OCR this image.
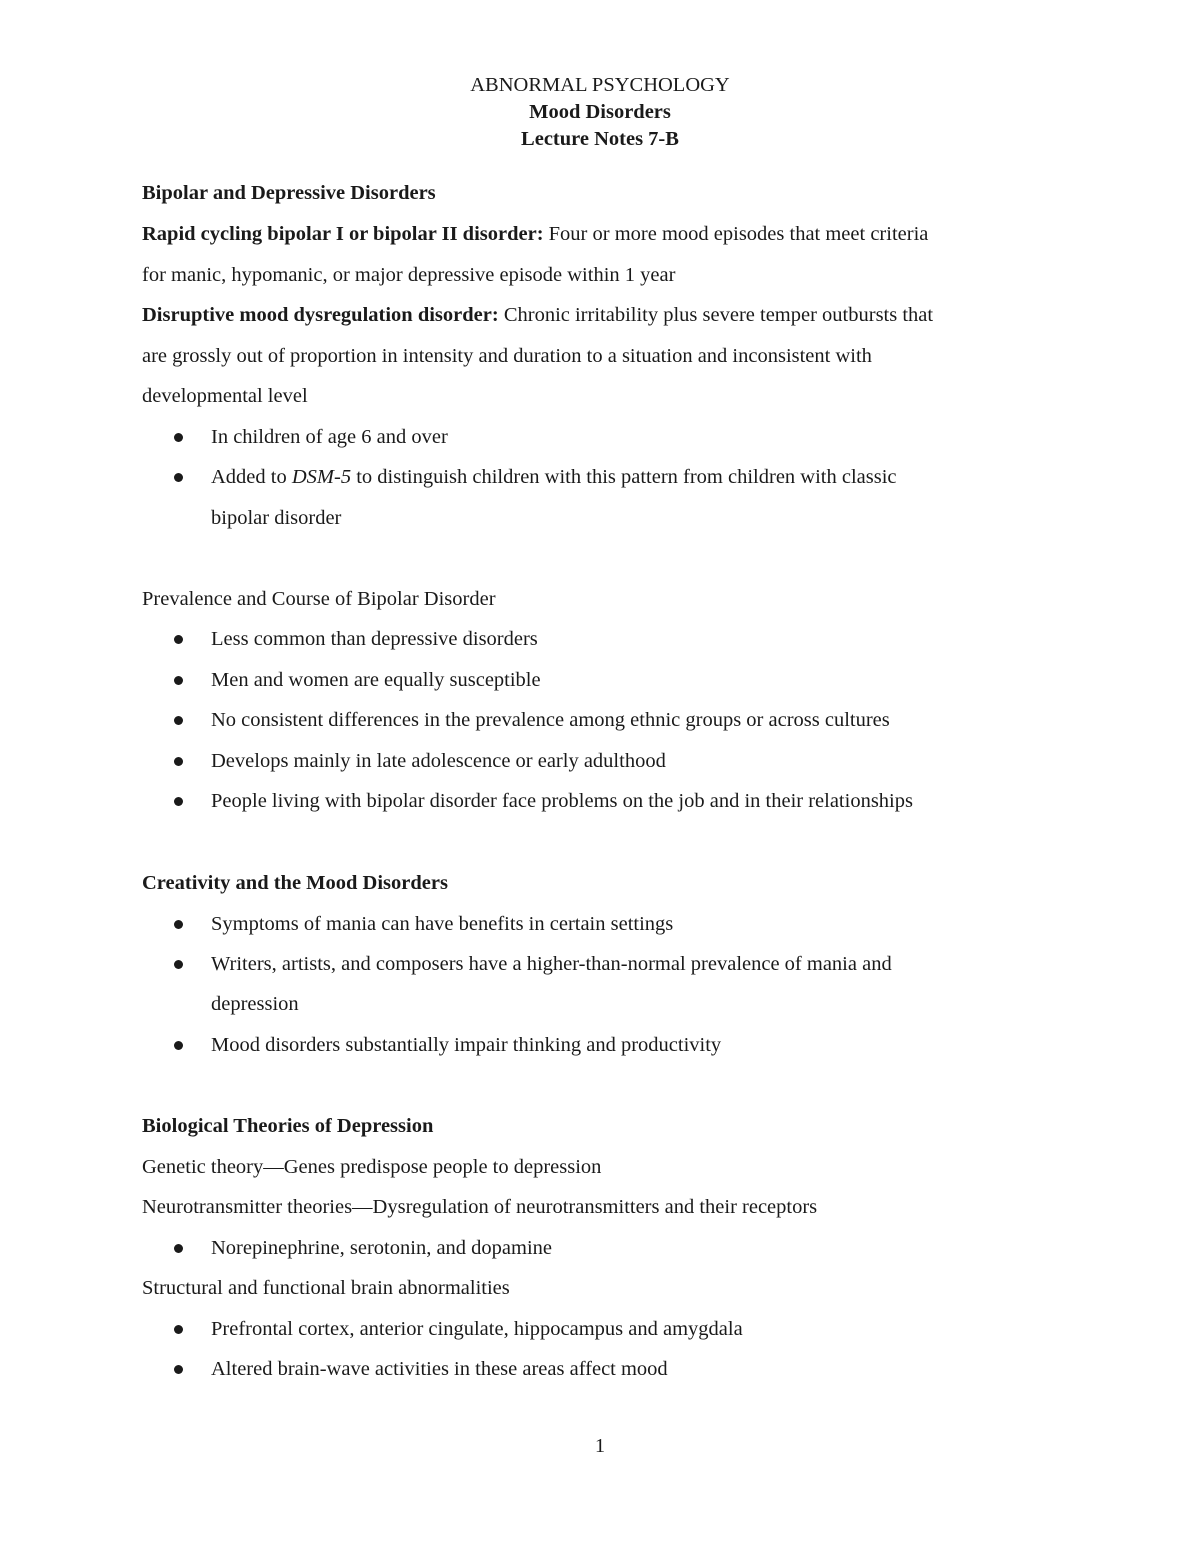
ABNORMAL PSYCHOLOGY
Mood Disorders
Lecture Notes 7-B
Bipolar and Depressive Disorders
Rapid cycling bipolar I or bipolar II disorder: Four or more mood episodes that meet criteria
for manic, hypomanic, or major depressive episode within 1 year
Disruptive mood dysregulation disorder: Chronic irritability plus severe temper outbursts that
are grossly out of proportion in intensity and duration to a situation and inconsistent with
developmental level
In children of age 6 and over
Added to DSM-5 to distinguish children with this pattern from children with classic
bipolar disorder
Prevalence and Course of Bipolar Disorder
Less common than depressive disorders
Men and women are equally susceptible
No consistent differences in the prevalence among ethnic groups or across cultures
Develops mainly in late adolescence or early adulthood
People living with bipolar disorder face problems on the job and in their relationships
Creativity and the Mood Disorders
Symptoms of mania can have benefits in certain settings
Writers, artists, and composers have a higher-than-normal prevalence of mania and
depression
Mood disorders substantially impair thinking and productivity
Biological Theories of Depression
Genetic theory—Genes predispose people to depression
Neurotransmitter theories—Dysregulation of neurotransmitters and their receptors
Norepinephrine, serotonin, and dopamine
Structural and functional brain abnormalities
Prefrontal cortex, anterior cingulate, hippocampus and amygdala
Altered brain-wave activities in these areas affect mood
1
